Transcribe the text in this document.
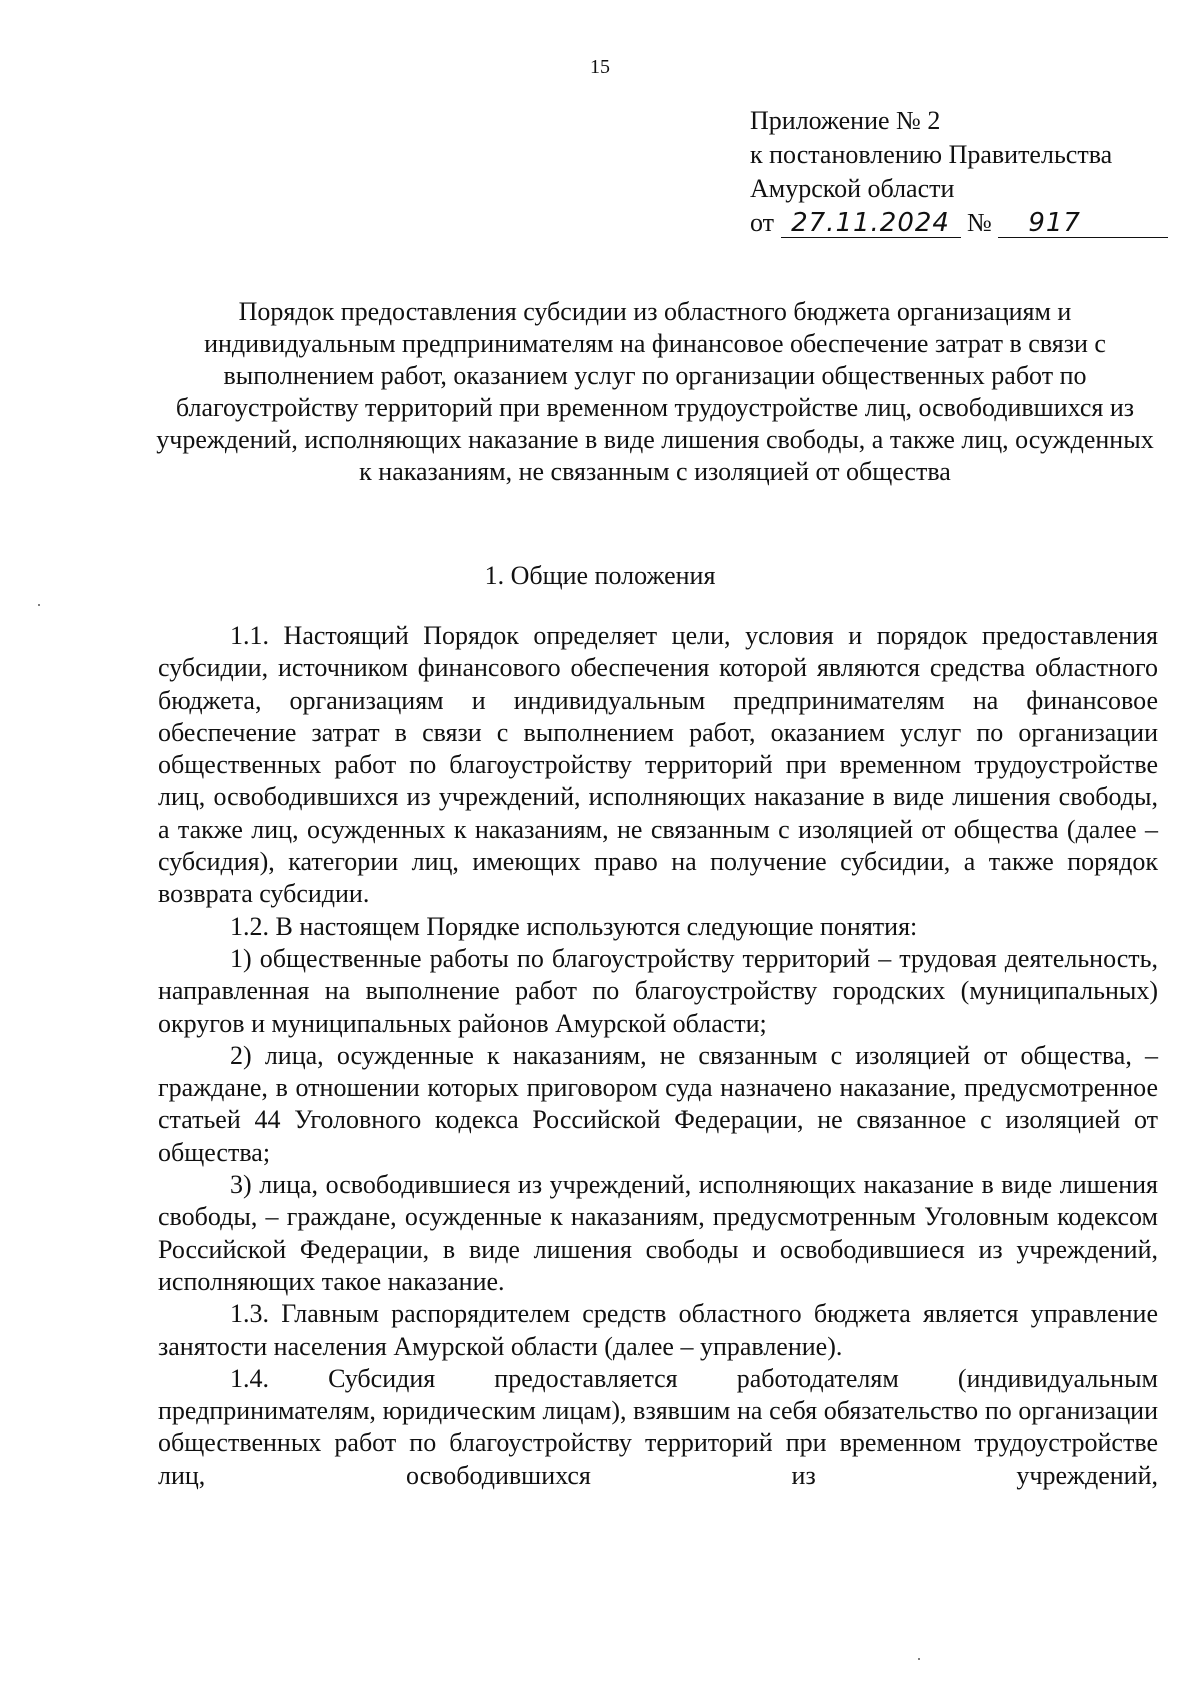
15
Приложение № 2
к постановлению Правительства
Амурской области
от 27.11.2024 № 917
Порядок предоставления субсидии из областного бюджета организациям и индивидуальным предпринимателям на финансовое обеспечение затрат в связи с выполнением работ, оказанием услуг по организации общественных работ по благоустройству территорий при временном трудоустройстве лиц, освободившихся из учреждений, исполняющих наказание в виде лишения свободы, а также лиц, осужденных к наказаниям, не связанным с изоляцией от общества
1. Общие положения

1.1. Настоящий Порядок определяет цели, условия и порядок предоставления субсидии, источником финансового обеспечения которой являются средства областного бюджета, организациям и индивидуальным предпринимателям на финансовое обеспечение затрат в связи с выполнением работ, оказанием услуг по организации общественных работ по благоустройству территорий при временном трудоустройстве лиц, освободившихся из учреждений, исполняющих наказание в виде лишения свободы, а также лиц, осужденных к наказаниям, не связанным с изоляцией от общества (далее – субсидия), категории лиц, имеющих право на получение субсидии, а также порядок возврата субсидии.

1.2. В настоящем Порядке используются следующие понятия:

1) общественные работы по благоустройству территорий – трудовая деятельность, направленная на выполнение работ по благоустройству городских (муниципальных) округов и муниципальных районов Амурской области;

2) лица, осужденные к наказаниям, не связанным с изоляцией от общества, – граждане, в отношении которых приговором суда назначено наказание, предусмотренное статьей 44 Уголовного кодекса Российской Федерации, не связанное с изоляцией от общества;

3) лица, освободившиеся из учреждений, исполняющих наказание в виде лишения свободы, – граждане, осужденные к наказаниям, предусмотренным Уголовным кодексом Российской Федерации, в виде лишения свободы и освободившиеся из учреждений, исполняющих такое наказание.

1.3. Главным распорядителем средств областного бюджета является управление занятости населения Амурской области (далее – управление).

1.4. Субсидия предоставляется работодателям (индивидуальным предпринимателям, юридическим лицам), взявшим на себя обязательство по организации общественных работ по благоустройству территорий при временном трудоустройстве лиц, освободившихся из учреждений,
